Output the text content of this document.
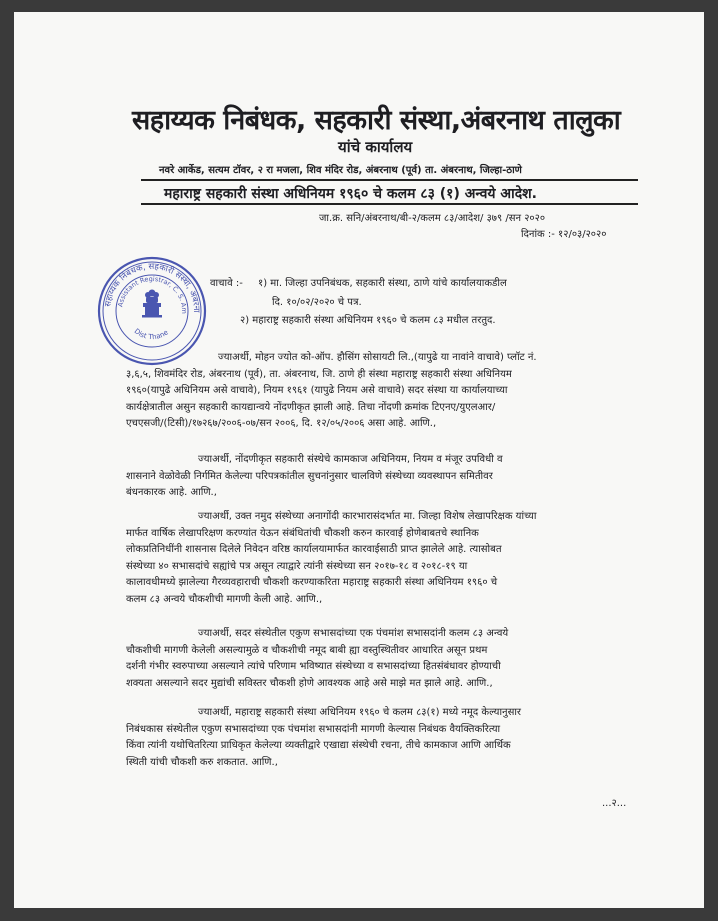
सहाय्यक निबंधक, सहकारी संस्था,अंबरनाथ तालुका
यांचे कार्यालय
नवरे आर्केड, सत्यम टॉवर, २ रा मजला, शिव मंदिर रोड, अंबरनाथ (पूर्व) ता. अंबरनाथ, जिल्हा-ठाणे
महाराष्ट्र सहकारी संस्था अधिनियम १९६० चे कलम ८३ (१) अन्वये आदेश.
जा.क्र. सनि/अंबरनाथ/बी-२/कलम ८३/आदेश/ ३७९ /सन २०२०
दिनांक :- १२/०३/२०२०
सहाय्यक निबंधक, सहकारी संस्था, अंबरना
Assistant Registrar, C. S. Am
Dist Thane
वाचावे :- १) मा. जिल्हा उपनिबंधक, सहकारी संस्था, ठाणे यांचे कार्यालयाकडील
दि. १०/०२/२०२० चे पत्र.
२) महाराष्ट्र सहकारी संस्था अधिनियम १९६० चे कलम ८३ मधील तरतुद.
ज्याअर्थी, मोहन ज्योत को-ऑप. हौसिंग सोसायटी लि.,(यापुढे या नावांने वाचावे) प्लॉट नं.
३,६,५, शिवमंदिर रोड, अंबरनाथ (पूर्व), ता. अंबरनाथ, जि. ठाणे ही संस्था महाराष्ट्र सहकारी संस्था अधिनियम
१९६०(यापुढे अधिनियम असे वाचावे), नियम १९६१ (यापुढे नियम असे वाचावे) सदर संस्था या कार्यालयाच्या
कार्यक्षेत्रातील असुन सहकारी कायद्यान्वये नोंदणीकृत झाली आहे. तिचा नोंदणी क्रमांक टिएनए/युएलआर/
एचएसजी/(टिसी)/१७२६७/२००६-०७/सन २००६, दि. १२/०५/२००६ असा आहे. आणि.,
ज्याअर्थी, नोंदणीकृत सहकारी संस्थेचे कामकाज अधिनियम, नियम व मंजूर उपविधी व
शासनाने वेळोवेळी निर्गमित केलेल्या परिपत्रकांतील सुचनांनुसार चालविणे संस्थेच्या व्यवस्थापन समितीवर
बंधनकारक आहे. आणि.,
ज्याअर्थी, उक्त नमुद संस्थेच्या अनागोंदी कारभारासंदर्भात मा. जिल्हा विशेष लेखापरिक्षक यांच्या
मार्फत वार्षिक लेखापरिक्षण करण्यांत येऊन संबंधितांची चौकशी करुन कारवाई होणेबाबतचे स्थानिक
लोकप्रतिनिधींनी शासनास दिलेले निवेदन वरिष्ठ कार्यालयामार्फत कारवाईसाठी प्राप्त झालेले आहे. त्यासोबत
संस्थेच्या ४० सभासदांचे सह्यांचे पत्र असून त्याद्वारे त्यांनी संस्थेच्या सन २०१७-१८ व २०१८-१९ या
कालावधीमध्ये झालेल्या गैरव्यवहाराची चौकशी करण्याकरिता महाराष्ट्र सहकारी संस्था अधिनियम १९६० चे
कलम ८३ अन्वये चौकशीची मागणी केली आहे. आणि.,
ज्याअर्थी, सदर संस्थेतील एकुण सभासदांच्या एक पंचमांश सभासदांनी कलम ८३ अन्वये
चौकशीची मागणी केलेली असल्यामुळे व चौकशीची नमूद बाबी ह्या वस्तुस्थितीवर आधारित असून प्रथम
दर्शनी गंभीर स्वरुपाच्या असल्याने त्यांचे परिणाम भविष्यात संस्थेच्या व सभासदांच्या हितसंबंधावर होण्याची
शक्यता असल्याने सदर मुद्यांची सविस्तर चौकशी होणे आवश्यक आहे असे माझे मत झाले आहे. आणि.,
ज्याअर्थी, महाराष्ट्र सहकारी संस्था अधिनियम १९६० चे कलम ८३(१) मध्ये नमूद केल्यानुसार
निबंधकास संस्थेतील एकुण सभासदांच्या एक पंचमांश सभासदांनी मागणी केल्यास निबंधक वैयक्तिकरित्या
किंवा त्यांनी यथोचितरित्या प्राधिकृत केलेल्या व्यक्तीद्वारे एखाद्या संस्थेची रचना, तीचे कामकाज आणि आर्थिक
स्थिती यांची चौकशी करु शकतात. आणि.,
...२...
